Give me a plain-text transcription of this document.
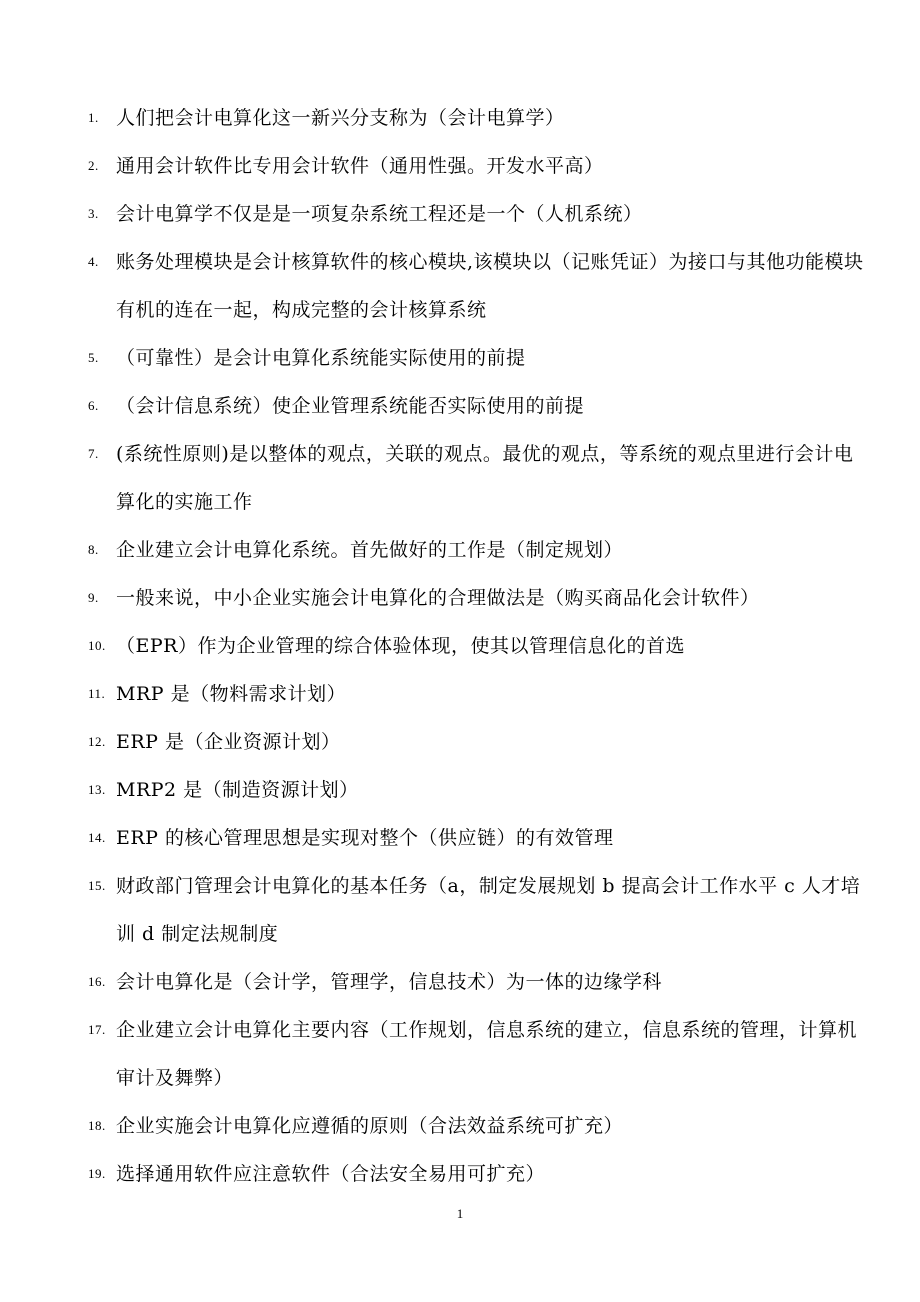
1. 人们把会计电算化这一新兴分支称为（会计电算学）
2. 通用会计软件比专用会计软件（通用性强。开发水平高）
3. 会计电算学不仅是是一项复杂系统工程还是一个（人机系统）
4. 账务处理模块是会计核算软件的核心模块,该模块以（记账凭证）为接口与其他功能模块有机的连在一起，构成完整的会计核算系统
5. （可靠性）是会计电算化系统能实际使用的前提
6. （会计信息系统）使企业管理系统能否实际使用的前提
7. (系统性原则)是以整体的观点，关联的观点。最优的观点，等系统的观点里进行会计电算化的实施工作
8. 企业建立会计电算化系统。首先做好的工作是（制定规划）
9. 一般来说，中小企业实施会计电算化的合理做法是（购买商品化会计软件）
10. （EPR）作为企业管理的综合体验体现，使其以管理信息化的首选
11. MRP 是（物料需求计划）
12. ERP 是（企业资源计划）
13. MRP2 是（制造资源计划）
14. ERP 的核心管理思想是实现对整个（供应链）的有效管理
15. 财政部门管理会计电算化的基本任务（a，制定发展规划 b 提高会计工作水平 c 人才培训 d 制定法规制度
16. 会计电算化是（会计学，管理学，信息技术）为一体的边缘学科
17. 企业建立会计电算化主要内容（工作规划，信息系统的建立，信息系统的管理，计算机审计及舞弊）
18. 企业实施会计电算化应遵循的原则（合法效益系统可扩充）
19. 选择通用软件应注意软件（合法安全易用可扩充）
1
